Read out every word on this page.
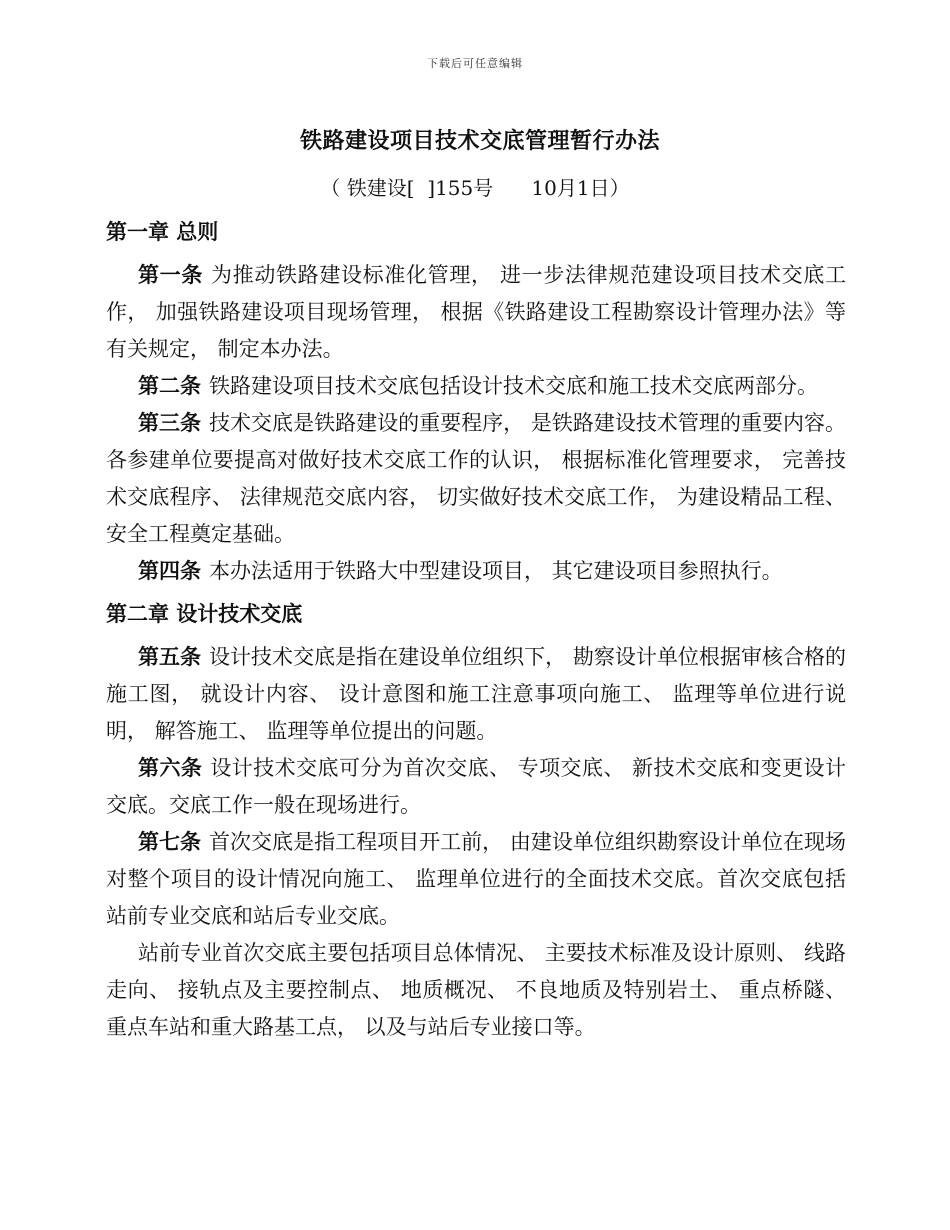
下载后可任意编辑
铁路建设项目技术交底管理暂行办法
（ 铁建设[  ]155号      10月1日）

第一章 总则

第一条 为推动铁路建设标准化管理， 进一步法律规范建设项目技术交底工作， 加强铁路建设项目现场管理， 根据《铁路建设工程勘察设计管理办法》等有关规定， 制定本办法。

第二条 铁路建设项目技术交底包括设计技术交底和施工技术交底两部分。

第三条 技术交底是铁路建设的重要程序， 是铁路建设技术管理的重要内容。各参建单位要提高对做好技术交底工作的认识， 根据标准化管理要求， 完善技术交底程序、 法律规范交底内容， 切实做好技术交底工作， 为建设精品工程、 安全工程奠定基础。

第四条 本办法适用于铁路大中型建设项目， 其它建设项目参照执行。

第二章 设计技术交底

第五条 设计技术交底是指在建设单位组织下， 勘察设计单位根据审核合格的施工图， 就设计内容、 设计意图和施工注意事项向施工、 监理等单位进行说明， 解答施工、 监理等单位提出的问题。

第六条 设计技术交底可分为首次交底、 专项交底、 新技术交底和变更设计交底。交底工作一般在现场进行。

第七条 首次交底是指工程项目开工前， 由建设单位组织勘察设计单位在现场对整个项目的设计情况向施工、 监理单位进行的全面技术交底。首次交底包括站前专业交底和站后专业交底。

站前专业首次交底主要包括项目总体情况、 主要技术标准及设计原则、 线路走向、 接轨点及主要控制点、 地质概况、 不良地质及特别岩土、 重点桥隧、 重点车站和重大路基工点， 以及与站后专业接口等。
